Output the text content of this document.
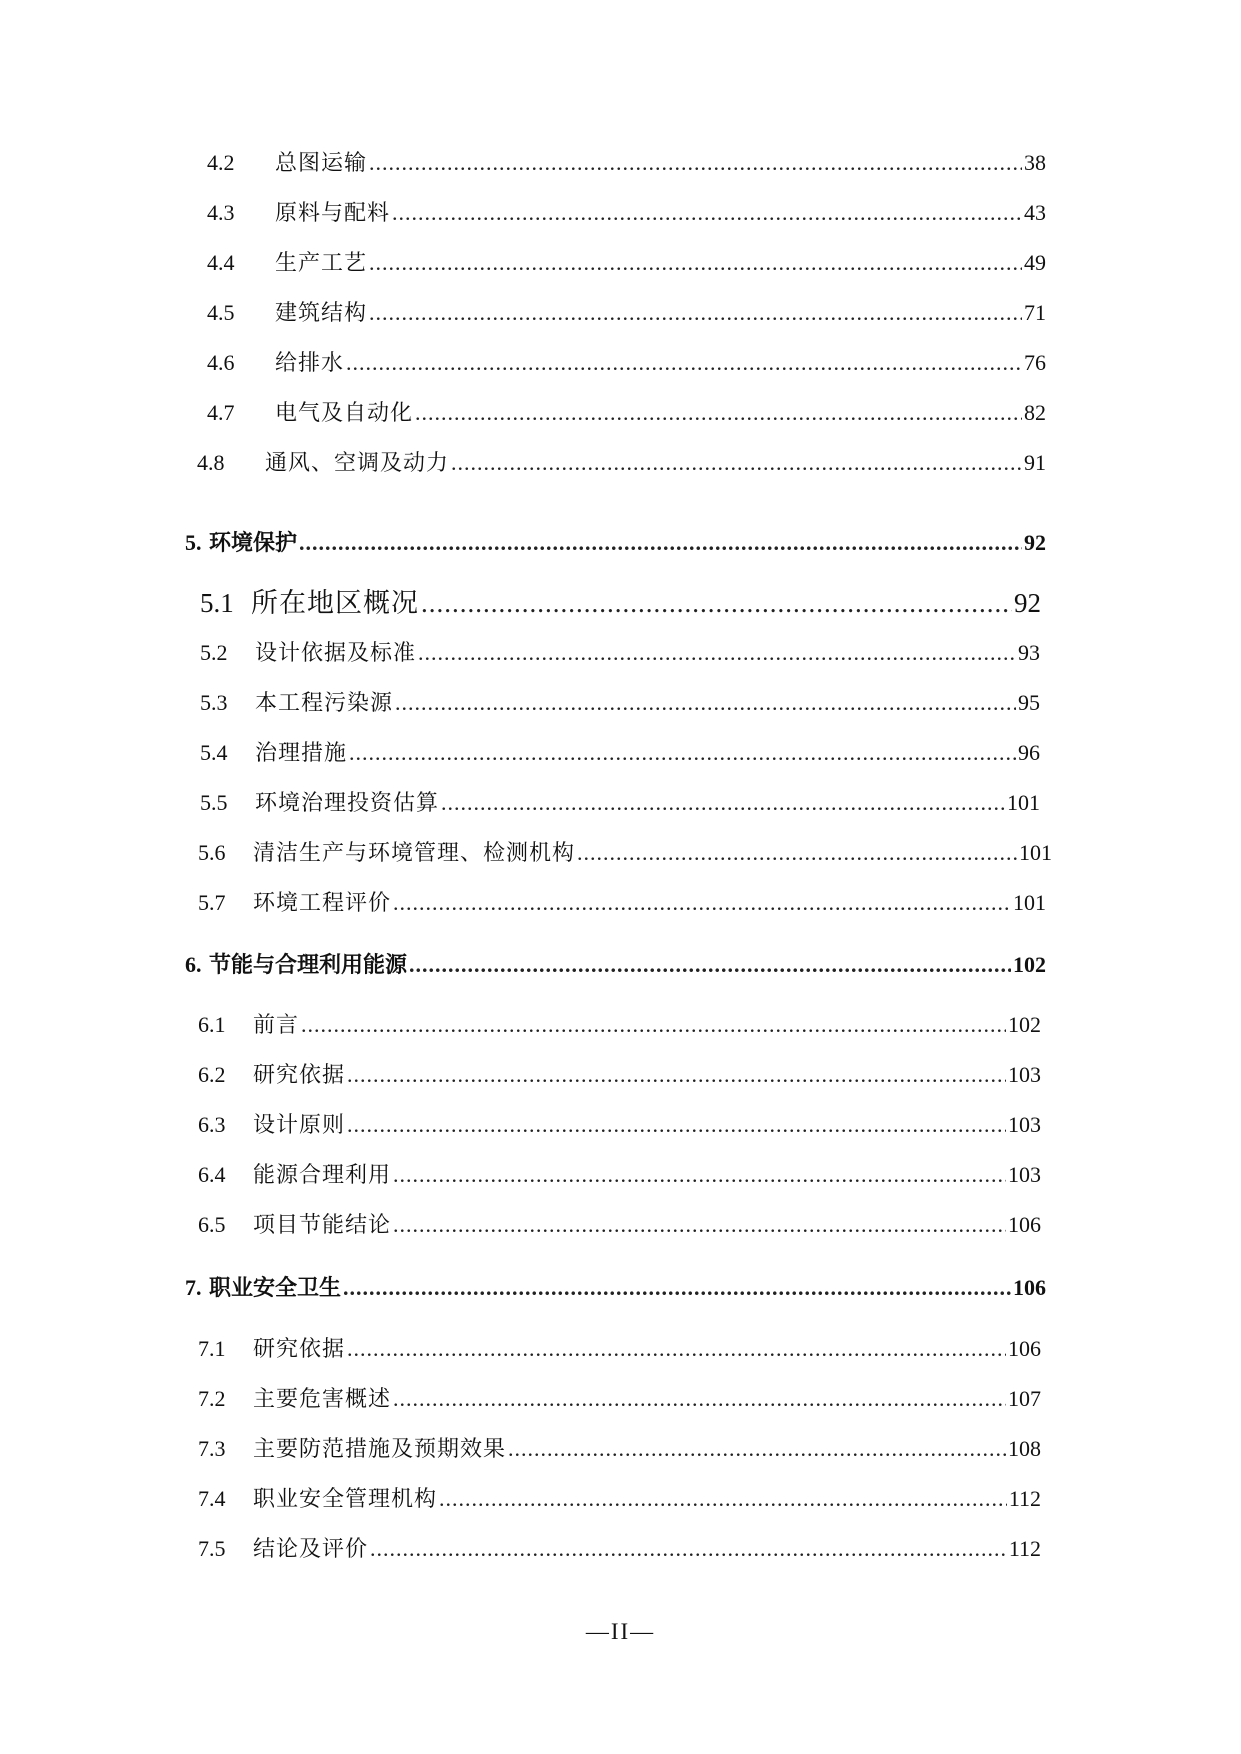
4.2	总图运输 .....	38
4.3	原料与配料 .....	43
4.4	生产工艺 .....	49
4.5	建筑结构 .....	71
4.6	给排水 .....	76
4.7	电气及自动化 .....	82
4.8	通风、空调及动力 .....	91
5. 环境保护 .....	92
5.1 所在地区概况 .....	92
5.2	设计依据及标准 .....	93
5.3	本工程污染源 .....	95
5.4	治理措施 .....	96
5.5	环境治理投资估算 .....	101
5.6	清洁生产与环境管理、检测机构 .....	101
5.7	环境工程评价 .....	101
6. 节能与合理利用能源 .....	102
6.1	前言 .....	102
6.2	研究依据 .....	103
6.3	设计原则 .....	103
6.4	能源合理利用 .....	103
6.5	项目节能结论 .....	106
7. 职业安全卫生 .....	106
7.1	研究依据 .....	106
7.2	主要危害概述 .....	107
7.3	主要防范措施及预期效果 .....	108
7.4	职业安全管理机构 .....	112
7.5	结论及评价 .....	112
—II—
